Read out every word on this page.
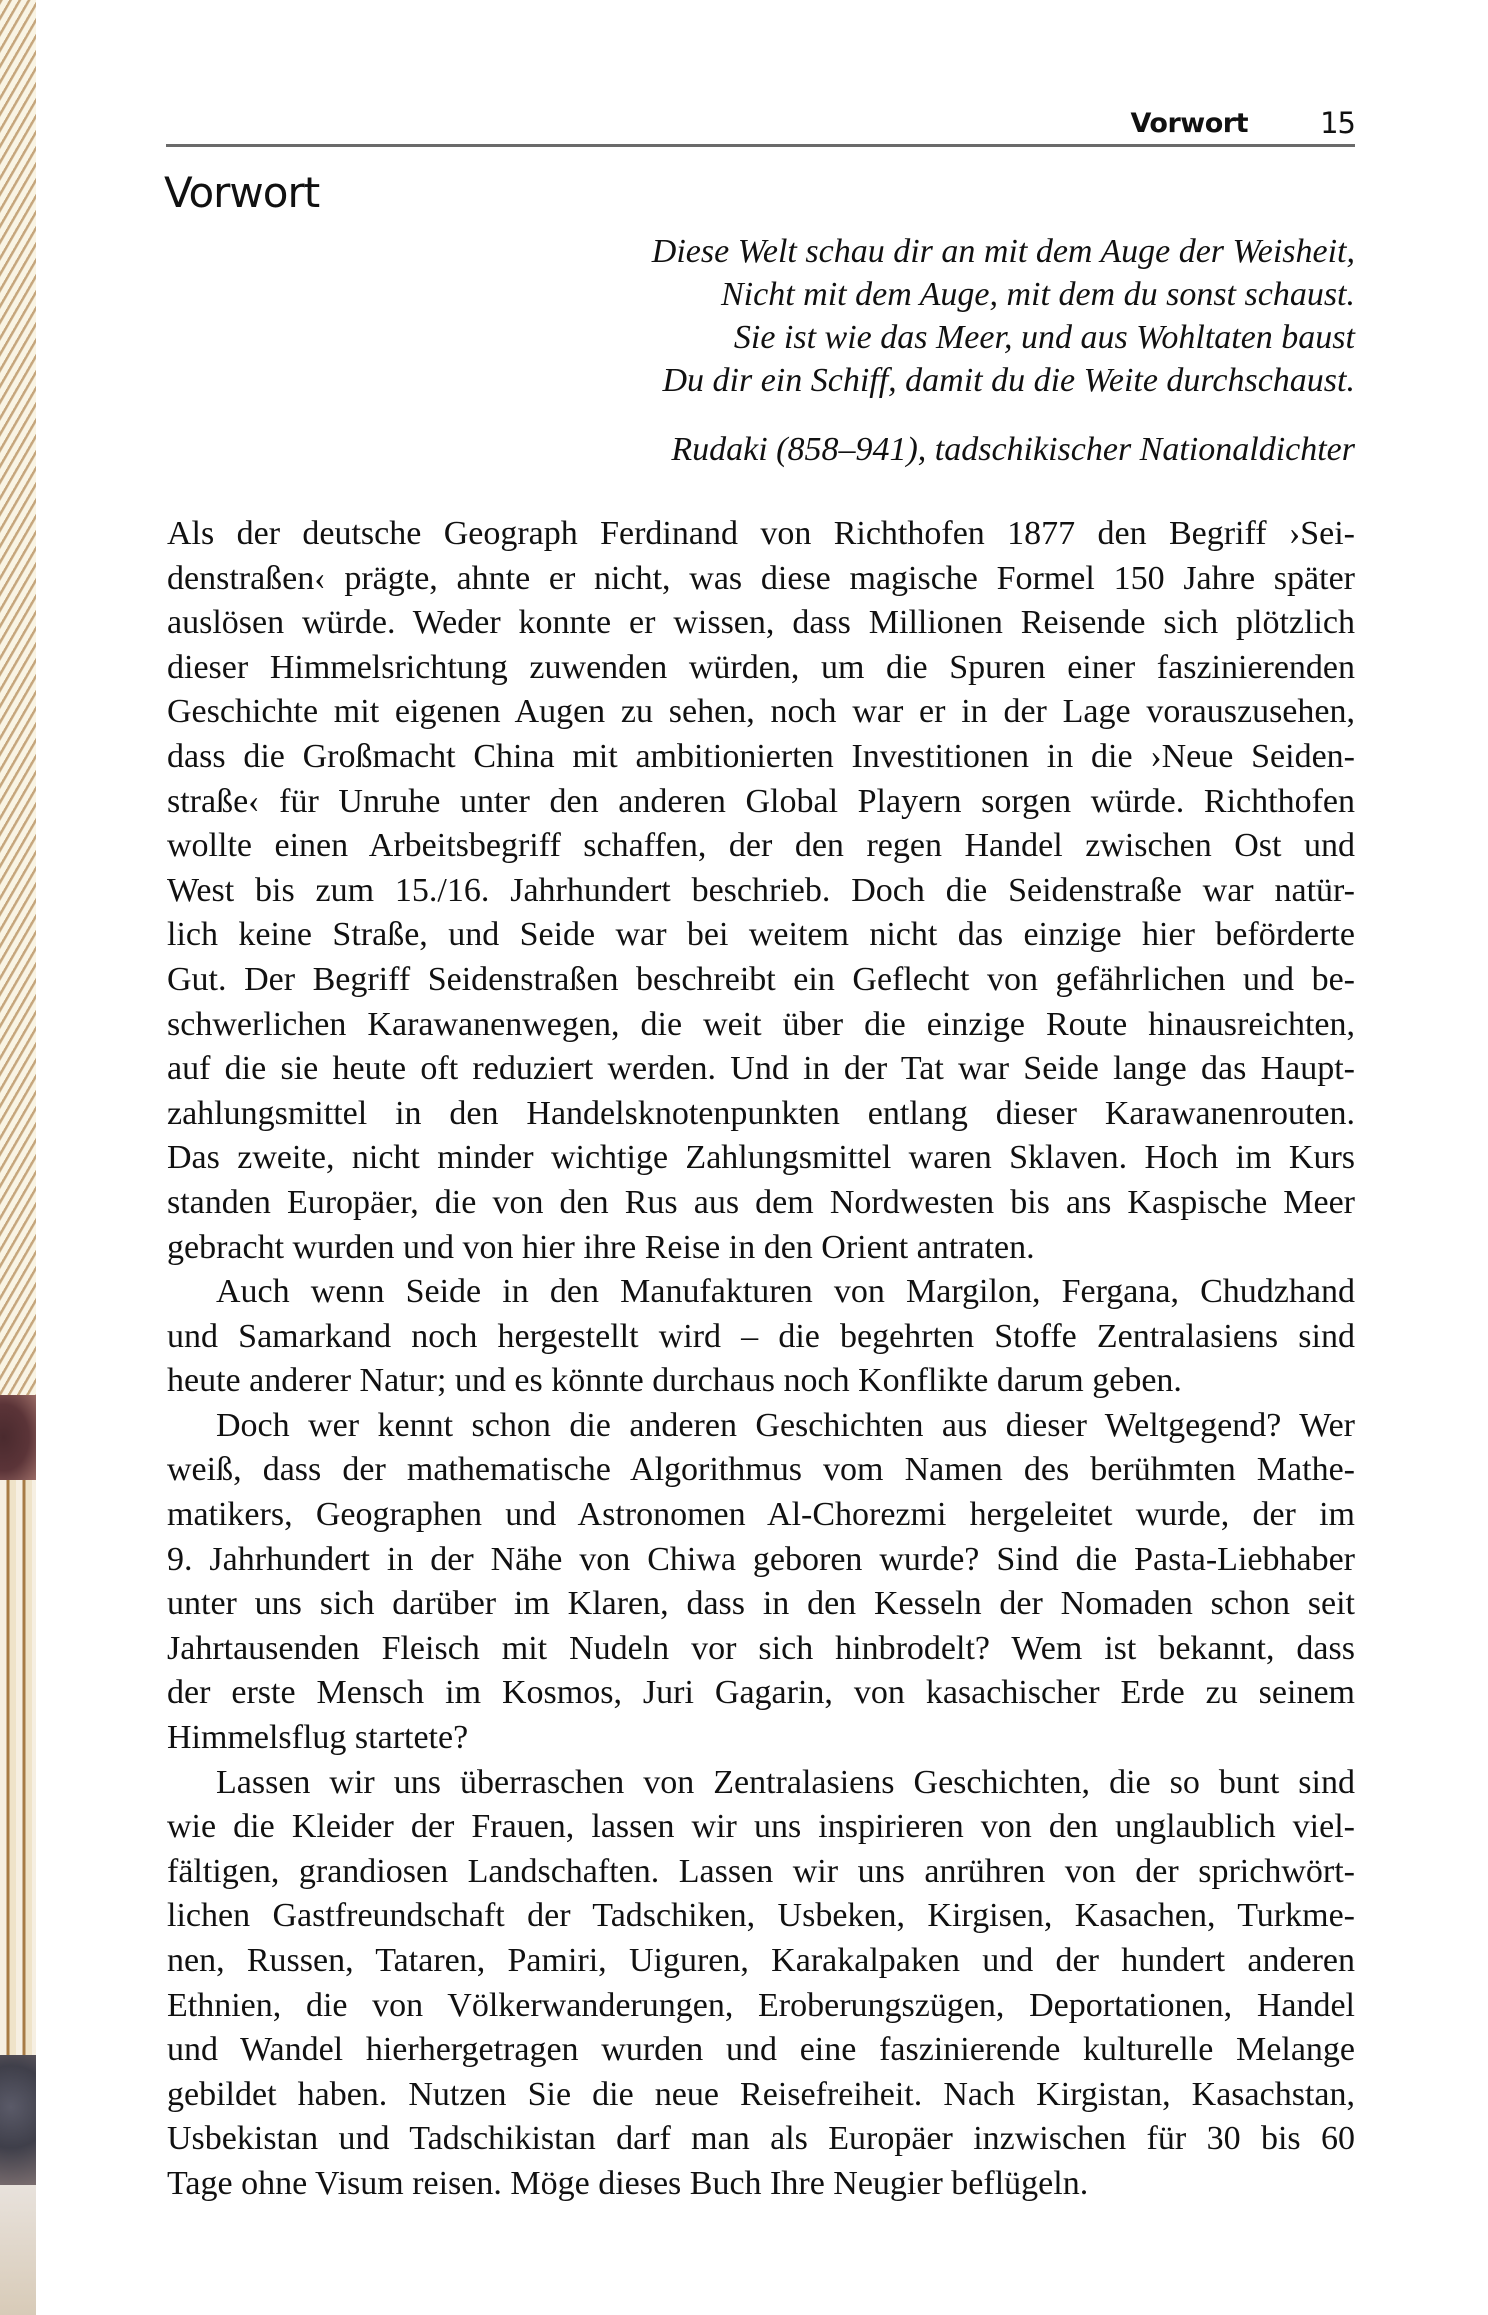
Vorwort 15
Vorwort
Diese Welt schau dir an mit dem Auge der Weisheit,
Nicht mit dem Auge, mit dem du sonst schaust.
Sie ist wie das Meer, und aus Wohltaten baust
Du dir ein Schiff, damit du die Weite durchschaust.
Rudaki (858–941), tadschikischer Nationaldichter
Als der deutsche Geograph Ferdinand von Richthofen 1877 den Begriff ›Sei-
denstraßen‹ prägte, ahnte er nicht, was diese magische Formel 150 Jahre später
auslösen würde. Weder konnte er wissen, dass Millionen Reisende sich plötzlich
dieser Himmelsrichtung zuwenden würden, um die Spuren einer faszinierenden
Geschichte mit eigenen Augen zu sehen, noch war er in der Lage vorauszusehen,
dass die Großmacht China mit ambitionierten Investitionen in die ›Neue Seiden-
straße‹ für Unruhe unter den anderen Global Playern sorgen würde. Richthofen
wollte einen Arbeitsbegriff schaffen, der den regen Handel zwischen Ost und
West bis zum 15./16. Jahrhundert beschrieb. Doch die Seidenstraße war natür-
lich keine Straße, und Seide war bei weitem nicht das einzige hier beförderte
Gut. Der Begriff Seidenstraßen beschreibt ein Geflecht von gefährlichen und be-
schwerlichen Karawanenwegen, die weit über die einzige Route hinausreichten,
auf die sie heute oft reduziert werden. Und in der Tat war Seide lange das Haupt-
zahlungsmittel in den Handelsknotenpunkten entlang dieser Karawanenrouten.
Das zweite, nicht minder wichtige Zahlungsmittel waren Sklaven. Hoch im Kurs
standen Europäer, die von den Rus aus dem Nordwesten bis ans Kaspische Meer
gebracht wurden und von hier ihre Reise in den Orient antraten.
Auch wenn Seide in den Manufakturen von Margilon, Fergana, Chudzhand
und Samarkand noch hergestellt wird – die begehrten Stoffe Zentralasiens sind
heute anderer Natur; und es könnte durchaus noch Konflikte darum geben.
Doch wer kennt schon die anderen Geschichten aus dieser Weltgegend? Wer
weiß, dass der mathematische Algorithmus vom Namen des berühmten Mathe-
matikers, Geographen und Astronomen Al-Chorezmi hergeleitet wurde, der im
9. Jahrhundert in der Nähe von Chiwa geboren wurde? Sind die Pasta-Liebhaber
unter uns sich darüber im Klaren, dass in den Kesseln der Nomaden schon seit
Jahrtausenden Fleisch mit Nudeln vor sich hinbrodelt? Wem ist bekannt, dass
der erste Mensch im Kosmos, Juri Gagarin, von kasachischer Erde zu seinem
Himmelsflug startete?
Lassen wir uns überraschen von Zentralasiens Geschichten, die so bunt sind
wie die Kleider der Frauen, lassen wir uns inspirieren von den unglaublich viel-
fältigen, grandiosen Landschaften. Lassen wir uns anrühren von der sprichwört-
lichen Gastfreundschaft der Tadschiken, Usbeken, Kirgisen, Kasachen, Turkme-
nen, Russen, Tataren, Pamiri, Uiguren, Karakalpaken und der hundert anderen
Ethnien, die von Völkerwanderungen, Eroberungszügen, Deportationen, Handel
und Wandel hierhergetragen wurden und eine faszinierende kulturelle Melange
gebildet haben. Nutzen Sie die neue Reisefreiheit. Nach Kirgistan, Kasachstan,
Usbekistan und Tadschikistan darf man als Europäer inzwischen für 30 bis 60
Tage ohne Visum reisen. Möge dieses Buch Ihre Neugier beflügeln.
